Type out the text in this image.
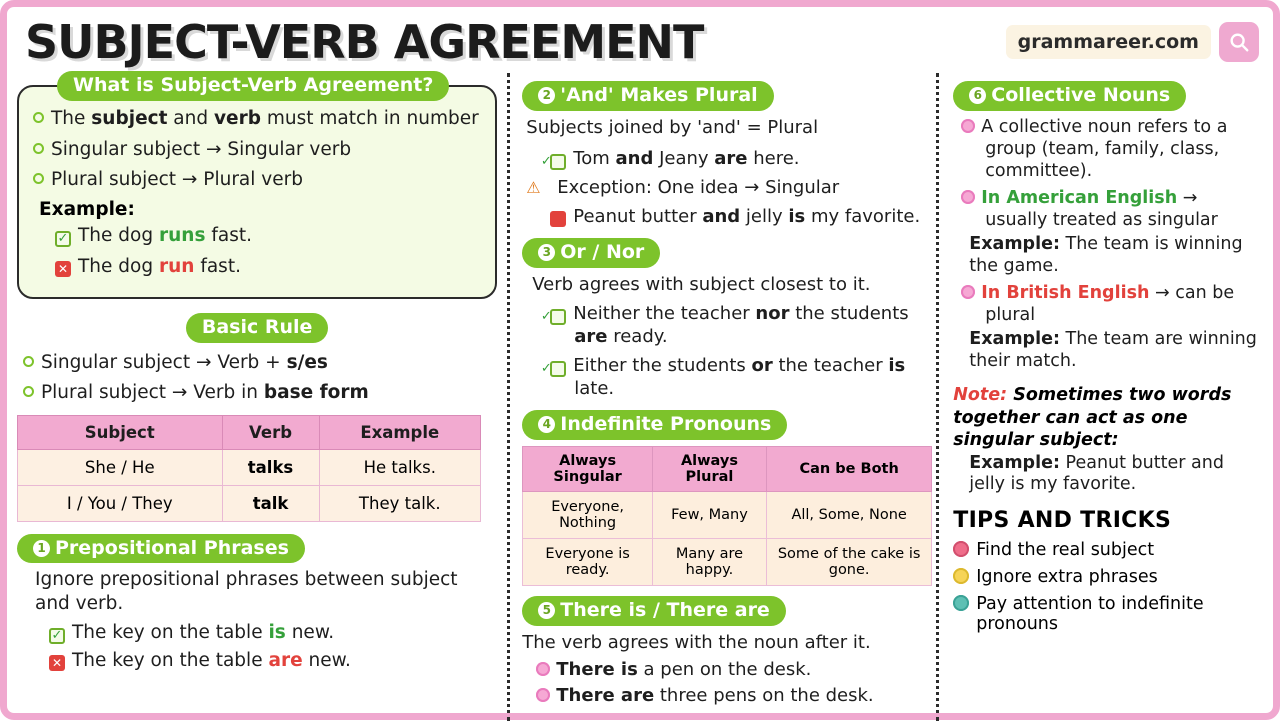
SUBJECT-VERB AGREEMENT	grammareer.com
What is Subject-Verb Agreement?
The subject and verb must match in number
Singular subject → Singular verb
Plural subject → Plural verb
Example:
✓ The dog runs fast.
✕ The dog run fast.
Basic Rule
Singular subject → Verb + s/es
Plural subject → Verb in base form
Subject	Verb	Example
She / He	talks	He talks.
I / You / They	talk	They talk.
1 Prepositional Phrases
Ignore prepositional phrases between subject and verb.
✓ The key on the table is new.
✕ The key on the table are new.
2 'And' Makes Plural
Subjects joined by 'and' = Plural
✓ Tom and Jeany are here.
⚠ Exception: One idea → Singular
✕ Peanut butter and jelly is my favorite.
3 Or / Nor
Verb agrees with subject closest to it.
✓ Neither the teacher nor the students are ready.
✓ Either the students or the teacher is late.
4 Indefinite Pronouns
Always Singular	Always Plural	Can be Both
Everyone, Nothing	Few, Many	All, Some, None
Everyone is ready.	Many are happy.	Some of the cake is gone.
5 There is / There are
The verb agrees with the noun after it.
There is a pen on the desk.
There are three pens on the desk.
6 Collective Nouns
A collective noun refers to a group (team, family, class, committee).
In American English → usually treated as singular
Example: The team is winning the game.
In British English → can be plural
Example: The team are winning their match.
Note: Sometimes two words together can act as one singular subject:
Example: Peanut butter and jelly is my favorite.
TIPS AND TRICKS
Find the real subject
Ignore extra phrases
Pay attention to indefinite pronouns
